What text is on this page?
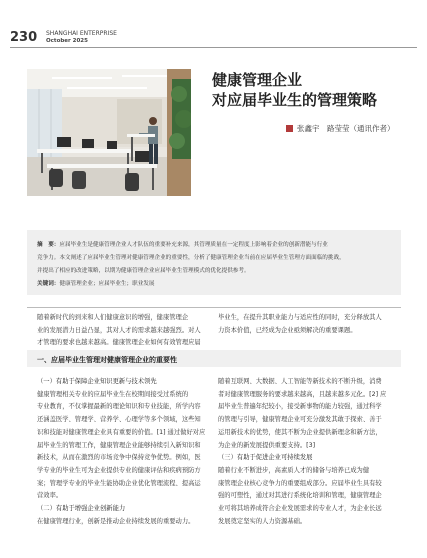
230 SHANGHAI ENTERPRISE
October 2025
健康管理企业
对应届毕业生的管理策略
张鑫宇　路莹莹（通讯作者）
摘　要：应届毕业生是健康管理企业人才队伍的重要补充来源，其管理质量在一定程度上影响着企业的创新潜能与行业
竞争力。本文阐述了应届毕业生管理对健康管理企业的重要性，分析了健康管理企业当前在应届毕业生管理方面面临的挑战，
并提出了相应的改进策略，以期为健康管理企业应届毕业生管理模式的优化提供参考。
关键词：健康管理企业；应届毕业生；职业发展
随着新时代的到来和人们健康意识的增强，健康管理企
业的发展潜力日益凸显，其对人才的需求越来越强烈。对人
才管理的要求也越来越高。健康管理企业如何有效管理应届
毕业生，在提升其职业能力与适应性的同时，充分释放其人
力资本价值，已经成为企业亟须解决的重要课题。
一、应届毕业生管理对健康管理企业的重要性
（一）有助于保障企业知识更新与技术领先
健康管理相关专业的应届毕业生在校期间接受过系统的
专业教育，不仅掌握最新的理论知识和专业技能，所学内容
还涵盖医学、管理学、营养学、心理学等多个领域，这些知
识和技能对健康管理企业具有重要的价值。[1] 通过做好对应
届毕业生的管理工作，健康管理企业能够持续引入新知识和
新技术，从而在激烈的市场竞争中保持竞争优势。例如，医
学专业的毕业生可为企业提供专业的健康评估和疾病预防方
案；管理学专业的毕业生能协助企业优化管理流程、提高运
营效率。
（二）有助于增强企业创新能力
在健康管理行业，创新是推动企业持续发展的重要动力。
随着互联网、大数据、人工智能等新技术的不断升级，消费
者对健康管理服务的要求越来越高，且越来越多元化。[2] 应
届毕业生普遍年纪较小，接受新事物的能力较强，通过科学
的管理与引导，健康管理企业可充分激发其敢于探索、善于
运用新技术的优势，使其不断为企业提供新理念和新方法，
为企业的新发展提供重要支持。[3]
（三）有助于促进企业可持续发展
随着行业不断进步，高素质人才的储备与培养已成为健
康管理企业核心竞争力的重要组成部分。应届毕业生具有较
强的可塑性，通过对其进行系统化培训和管理，健康管理企
业可将其培养成符合企业发展需求的专业人才，为企业长远
发展奠定坚实的人力资源基础。
